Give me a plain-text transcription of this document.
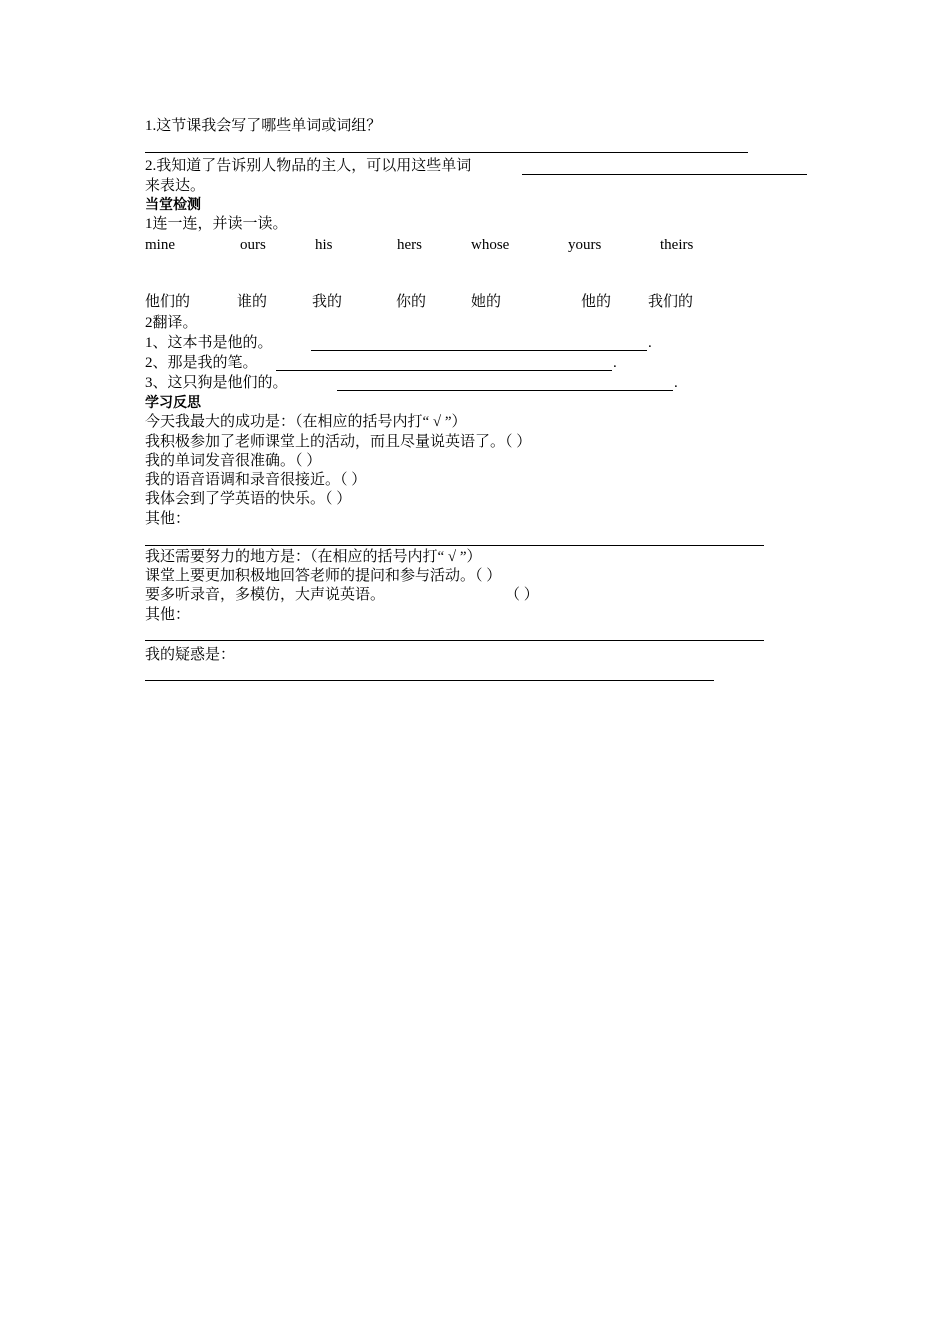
1.这节课我会写了哪些单词或词组？
2.我知道了告诉别人物品的主人，可以用这些单词
来表达。
当堂检测
1连一连，并读一读。
mine	ours	his	hers	whose	yours	theirs
他们的	谁的	我的	你的	她的	他的 我们的
2翻译。
1、这本书是他的。	.
2、那是我的笔。	.
3、这只狗是他们的。	.
学习反思
今天我最大的成功是：（在相应的括号内打“ √ ”）
我积极参加了老师课堂上的活动，而且尽量说英语了。（ ）
我的单词发音很准确。（ ）
我的语音语调和录音很接近。（ ）
我体会到了学英语的快乐。（ ）
其他：
我还需要努力的地方是：（在相应的括号内打“ √ ”）
课堂上要更加积极地回答老师的提问和参与活动。（ ）
要多听录音，多模仿，大声说英语。	（ ）
其他：
我的疑惑是：
